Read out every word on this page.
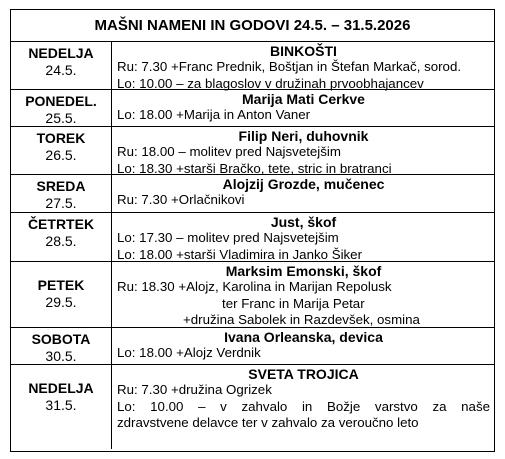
MAŠNI NAMENI IN GODOVI 24.5. – 31.5.2026
NEDELJA
24.5.
BINKOŠTI
Ru: 7.30 +Franc Prednik, Boštjan in Štefan Markač, sorod.
Lo: 10.00 – za blagoslov v družinah prvoobhajancev
PONEDEL.
25.5.
Marija Mati Cerkve
Lo: 18.00 +Marija in Anton Vaner
TOREK
26.5.
Filip Neri, duhovnik
Ru: 18.00 – molitev pred Najsvetejšim
Lo: 18.30 +starši Bračko, tete, stric in bratranci
SREDA
27.5.
Alojzij Grozde, mučenec
Ru: 7.30 +Orlačnikovi
ČETRTEK
28.5.
Just, škof
Lo: 17.30 – molitev pred Najsvetejšim
Lo: 18.00 +starši Vladimira in Janko Šiker
PETEK
29.5.
Marksim Emonski, škof
Ru: 18.30 +Alojz, Karolina in Marijan Repolusk
ter Franc in Marija Petar
+družina Sabolek in Razdevšek, osmina
SOBOTA
30.5.
Ivana Orleanska, devica
Lo: 18.00 +Alojz Verdnik
NEDELJA
31.5.
SVETA TROJICA
Ru: 7.30 +družina Ogrizek
Lo: 10.00 – v zahvalo in Božje varstvo za naše
zdravstvene delavce ter v zahvalo za veroučno leto
